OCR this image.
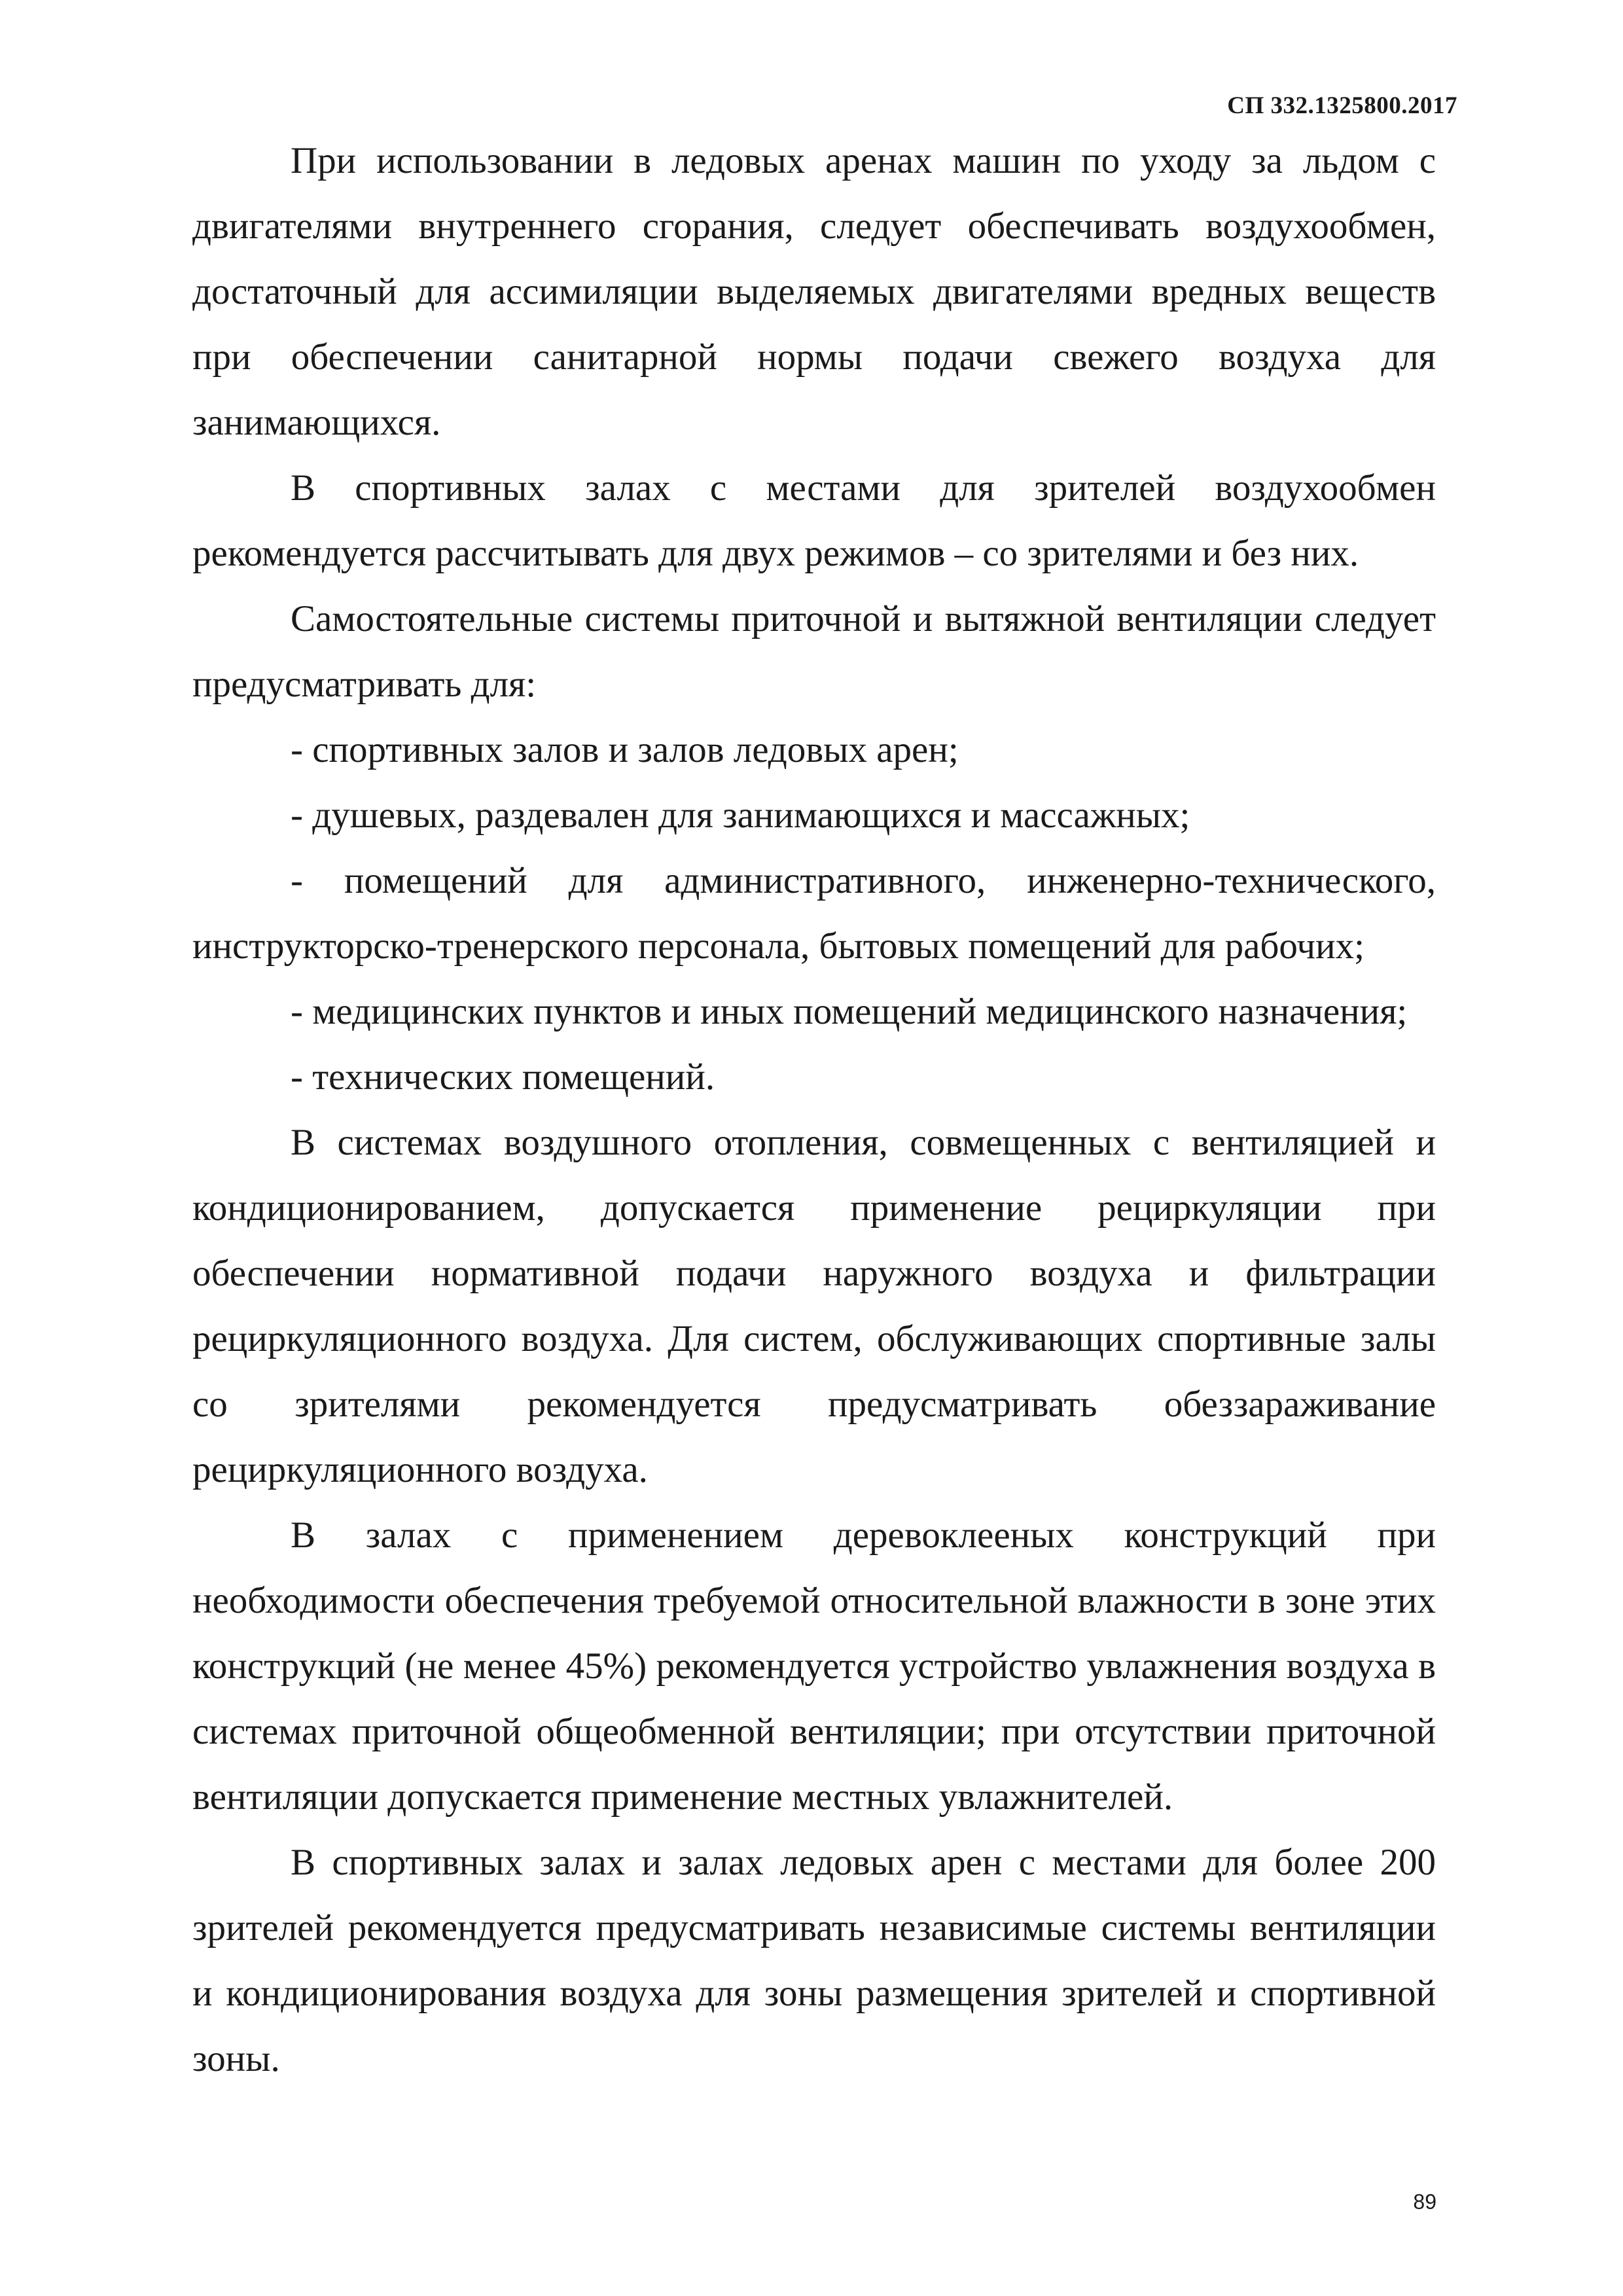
СП 332.1325800.2017

При использовании в ледовых аренах машин по уходу за льдом с двигателями внутреннего сгорания, следует обеспечивать воздухообмен, достаточный для ассимиляции выделяемых двигателями вредных веществ при обеспечении санитарной нормы подачи свежего воздуха для занимающихся.

В спортивных залах с местами для зрителей воздухообмен рекомендуется рассчитывать для двух режимов – со зрителями и без них.

Самостоятельные системы приточной и вытяжной вентиляции следует предусматривать для:

- спортивных залов и залов ледовых арен;

- душевых, раздевален для занимающихся и массажных;

- помещений для административного, инженерно-технического, инструкторско-тренерского персонала, бытовых помещений для рабочих;

- медицинских пунктов и иных помещений медицинского назначения;

- технических помещений.

В системах воздушного отопления, совмещенных с вентиляцией и кондиционированием, допускается применение рециркуляции при обеспечении нормативной подачи наружного воздуха и фильтрации рециркуляционного воздуха. Для систем, обслуживающих спортивные залы со зрителями рекомендуется предусматривать обеззараживание рециркуляционного воздуха.

В залах с применением деревоклееных конструкций при необходимости обеспечения требуемой относительной влажности в зоне этих конструкций (не менее 45%) рекомендуется устройство увлажнения воздуха в системах приточной общеобменной вентиляции; при отсутствии приточной вентиляции допускается применение местных увлажнителей.

В спортивных залах и залах ледовых арен с местами для более 200 зрителей рекомендуется предусматривать независимые системы вентиляции и кондиционирования воздуха для зоны размещения зрителей и спортивной зоны.

89
